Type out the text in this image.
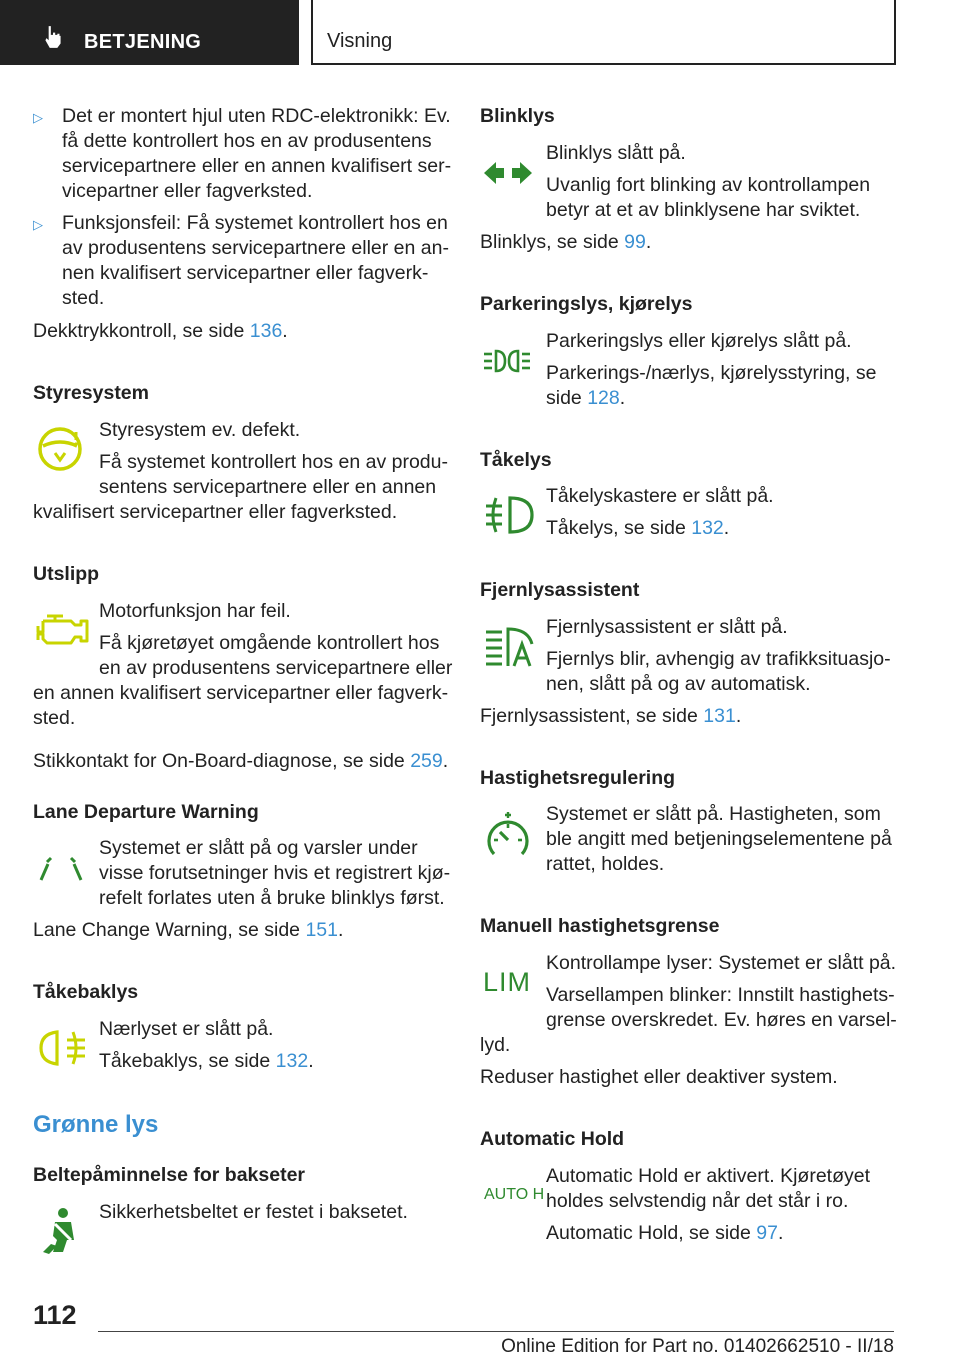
BETJENING	Visning
▷ Det er montert hjul uten RDC-elektronikk: Ev.
få dette kontrollert hos en av produsentens
servicepartnere eller en annen kvalifisert ser-
vicepartner eller fagverksted.
▷ Funksjonsfeil: Få systemet kontrollert hos en
av produsentens servicepartnere eller en an-
nen kvalifisert servicepartner eller fagverk-
sted.
Dekktrykkontroll, se side 136.
Styresystem
Styresystem ev. defekt.
Få systemet kontrollert hos en av produ-
sentens servicepartnere eller en annen
kvalifisert servicepartner eller fagverksted.
Utslipp
Motorfunksjon har feil.
Få kjøretøyet omgående kontrollert hos
en av produsentens servicepartnere eller
en annen kvalifisert servicepartner eller fagverk-
sted.
Stikkontakt for On-Board-diagnose, se side 259.
Lane Departure Warning
Systemet er slått på og varsler under
visse forutsetninger hvis et registrert kjø-
refelt forlates uten å bruke blinklys først.
Lane Change Warning, se side 151.
Tåkebaklys
Nærlyset er slått på.
Tåkebaklys, se side 132.
Grønne lys
Beltepåminnelse for bakseter
Sikkerhetsbeltet er festet i baksetet.
Blinklys
Blinklys slått på.
Uvanlig fort blinking av kontrollampen
betyr at et av blinklysene har sviktet.
Blinklys, se side 99.
Parkeringslys, kjørelys
Parkeringslys eller kjørelys slått på.
Parkerings-/nærlys, kjørelysstyring, se
side 128.
Tåkelys
Tåkelyskastere er slått på.
Tåkelys, se side 132.
Fjernlysassistent
Fjernlysassistent er slått på.
Fjernlys blir, avhengig av trafikksituasjo-
nen, slått på og av automatisk.
Fjernlysassistent, se side 131.
Hastighetsregulering
Systemet er slått på. Hastigheten, som
ble angitt med betjeningselementene på
rattet, holdes.
Manuell hastighetsgrense
LIM
Kontrollampe lyser: Systemet er slått på.
Varsellampen blinker: Innstilt hastighets-
grense overskredet. Ev. høres en varsel-
lyd.
Reduser hastighet eller deaktiver system.
Automatic Hold
AUTO H
Automatic Hold er aktivert. Kjøretøyet
holdes selvstendig når det står i ro.
Automatic Hold, se side 97.
112
Online Edition for Part no. 01402662510 - II/18
